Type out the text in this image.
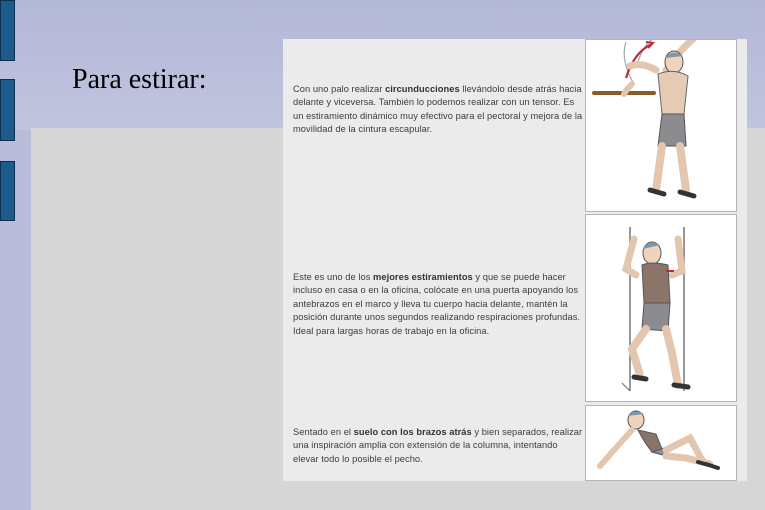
Para estirar:	Con uno palo realizar circunducciones llevándolo desde atrás hacia delante y viceversa. También lo podemos realizar con un tensor. Es un estiramiento dinámico muy efectivo para el pectoral y mejora de la movilidad de la cintura escapular.
Este es uno de los mejores estiramientos y que se puede hacer incluso en casa o en la oficina, colócate en una puerta apoyando los antebrazos en el marco y lleva tu cuerpo hacia delante, mantén la posición durante unos segundos realizando respiraciones profundas. Ideal para largas horas de trabajo en la oficina.
Sentado en el suelo con los brazos atrás y bien separados, realizar una inspiración amplia con extensión de la columna, intentando elevar todo lo posible el pecho.
